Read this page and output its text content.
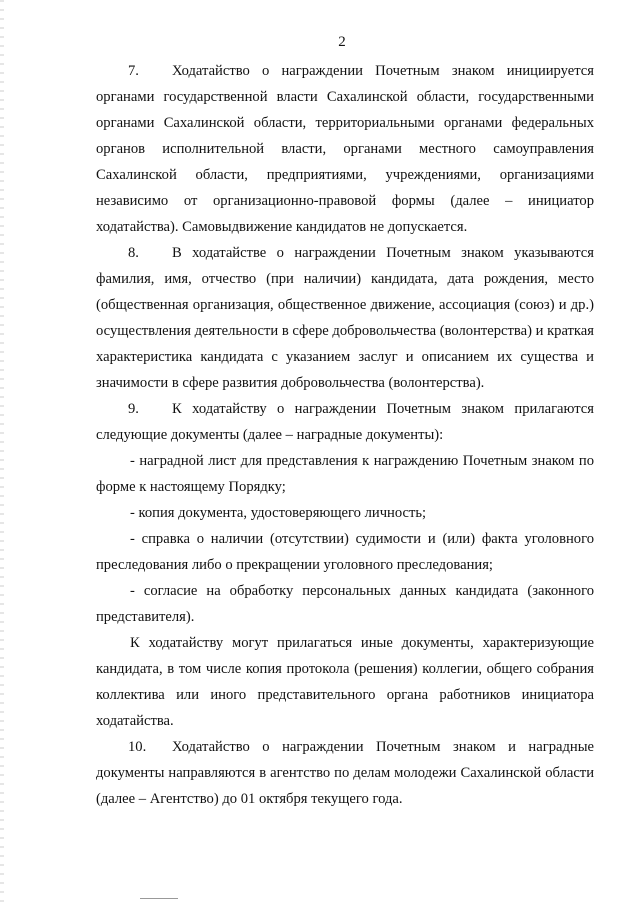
2

7. Ходатайство о награждении Почетным знаком инициируется органами государственной власти Сахалинской области, государственными органами Сахалинской области, территориальными органами федеральных органов исполнительной власти, органами местного самоуправления Сахалинской области, предприятиями, учреждениями, организациями независимо от организационно-правовой формы (далее – инициатор ходатайства). Самовыдвижение кандидатов не допускается.

8. В ходатайстве о награждении Почетным знаком указываются фамилия, имя, отчество (при наличии) кандидата, дата рождения, место (общественная организация, общественное движение, ассоциация (союз) и др.) осуществления деятельности в сфере добровольчества (волонтерства) и краткая характеристика кандидата с указанием заслуг и описанием их существа и значимости в сфере развития добровольчества (волонтерства).

9. К ходатайству о награждении Почетным знаком прилагаются следующие документы (далее – наградные документы):

- наградной лист для представления к награждению Почетным знаком по форме к настоящему Порядку;

- копия документа, удостоверяющего личность;

- справка о наличии (отсутствии) судимости и (или) факта уголовного преследования либо о прекращении уголовного преследования;

- согласие на обработку персональных данных кандидата (законного представителя).

К ходатайству могут прилагаться иные документы, характеризующие кандидата, в том числе копия протокола (решения) коллегии, общего собрания коллектива или иного представительного органа работников инициатора ходатайства.

10. Ходатайство о награждении Почетным знаком и наградные документы направляются в агентство по делам молодежи Сахалинской области (далее – Агентство) до 01 октября текущего года.
